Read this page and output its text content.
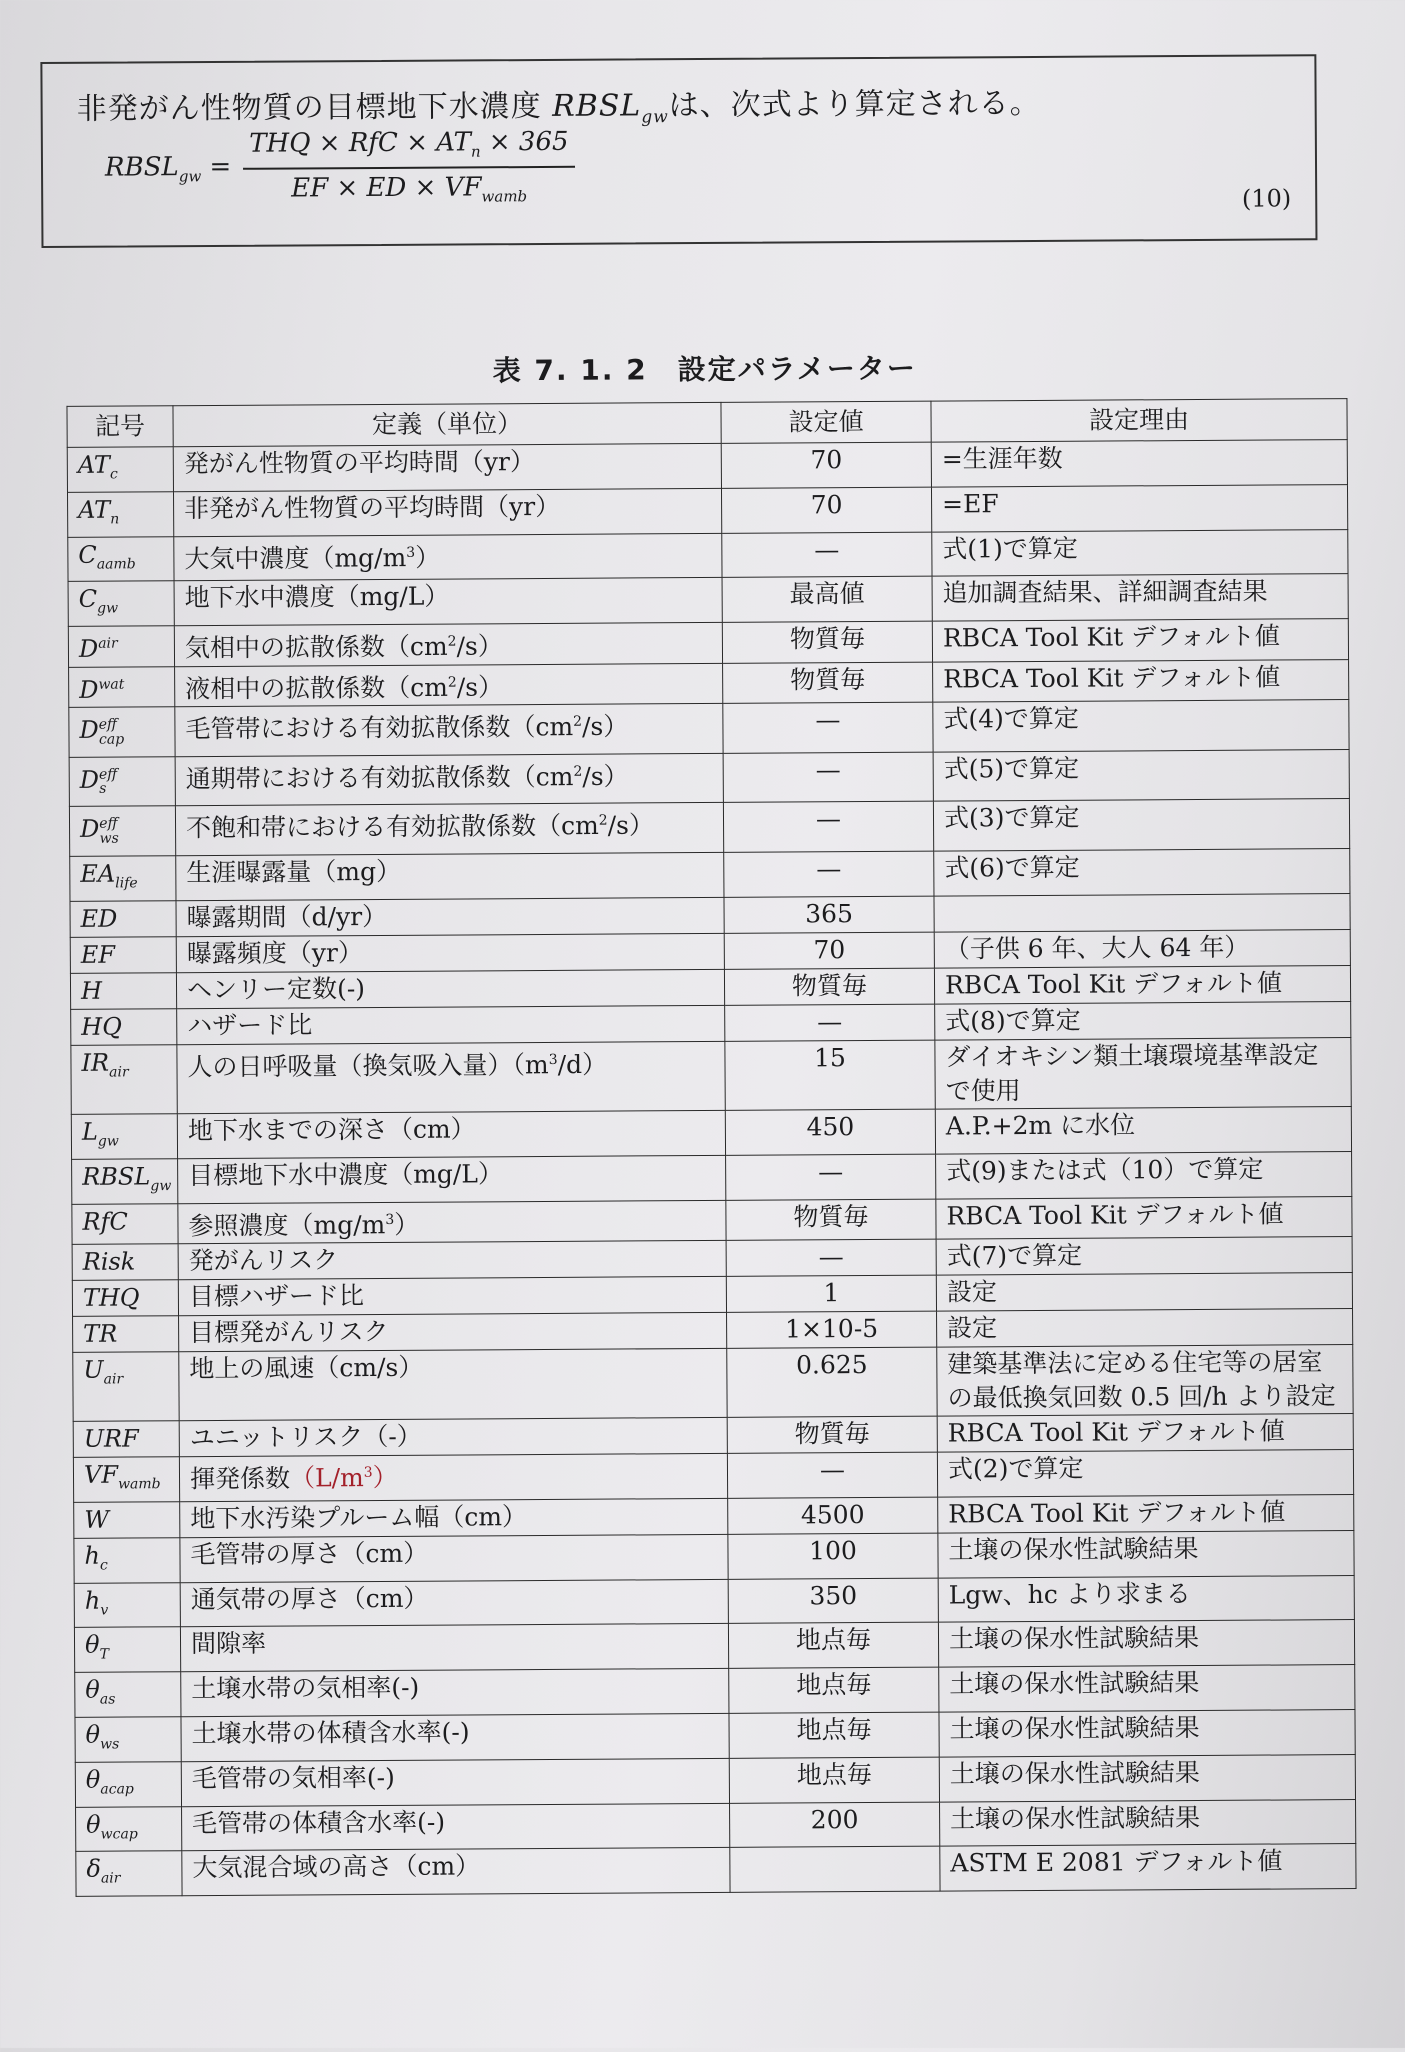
非発がん性物質の目標地下水濃度 $RBSL_{gw}$は、次式より算定される。
$RBSL_{gw} = \frac{THQ \times RfC \times AT_n \times 365}{EF \times ED \times VF_{wamb}}$	(10)
表 7. 1. 2　設定パラメーター
記号	定義（単位）	設定値	設定理由
$AT_c$	発がん性物質の平均時間（yr）	70	=生涯年数
$AT_n$	非発がん性物質の平均時間（yr）	70	=EF
$C_{aamb}$	大気中濃度$(mg/m^3)$	—	式(1)で算定
$C_{gw}$	地下水中濃度（mg/L）	最高値	追加調査結果、詳細調査結果
$D^{air}$	気相中の拡散係数$(cm^2/s)$	物質毎	RBCA Tool Kit デフォルト値
$D^{wat}$	液相中の拡散係数$(cm^2/s)$	物質毎	RBCA Tool Kit デフォルト値
$D^{eff}_{cap}$	毛管帯における有効拡散係数$(cm^2/s)$	—	式(4)で算定
$D^{eff}_s$	通期帯における有効拡散係数$(cm^2/s)$	—	式(5)で算定
$D^{eff}_{ws}$	不飽和帯における有効拡散係数$(cm^2/s)$	—	式(3)で算定
$EA_{life}$	生涯曝露量（mg）	—	式(6)で算定
ED	曝露期間（d/yr）	365	
EF	曝露頻度（yr）	70	（子供 6 年、大人 64 年）
H	ヘンリー定数(-)	物質毎	RBCA Tool Kit デフォルト値
HQ	ハザード比	—	式(8)で算定
$IR_{air}$	人の日呼吸量（換気吸入量）$(m^3/d)$	15	ダイオキシン類土壌環境基準設定で使用
$L_{gw}$	地下水までの深さ（cm）	450	A.P.+2m に水位
$RBSL_{gw}$	目標地下水中濃度（mg/L）	—	式(9)または式（10）で算定
RfC	参照濃度$(mg/m^3)$	物質毎	RBCA Tool Kit デフォルト値
Risk	発がんリスク	—	式(7)で算定
THQ	目標ハザード比	1	設定
TR	目標発がんリスク	1×10-5	設定
$U_{air}$	地上の風速（cm/s）	0.625	建築基準法に定める住宅等の居室の最低換気回数 0.5 回/h より設定
URF	ユニットリスク（-）	物質毎	RBCA Tool Kit デフォルト値
$VF_{wamb}$	揮発係数$(L/m^3)$	—	式(2)で算定
W	地下水汚染プルーム幅（cm）	4500	RBCA Tool Kit デフォルト値
$h_c$	毛管帯の厚さ（cm）	100	土壌の保水性試験結果
$h_v$	通気帯の厚さ（cm）	350	Lgw、hc より求まる
$\theta_T$	間隙率	地点毎	土壌の保水性試験結果
$\theta_{as}$	土壌水帯の気相率(-)	地点毎	土壌の保水性試験結果
$\theta_{ws}$	土壌水帯の体積含水率(-)	地点毎	土壌の保水性試験結果
$\theta_{acap}$	毛管帯の気相率(-)	地点毎	土壌の保水性試験結果
$\theta_{wcap}$	毛管帯の体積含水率(-)	200	土壌の保水性試験結果
$\delta_{air}$	大気混合域の高さ（cm）		ASTM E 2081 デフォルト値
